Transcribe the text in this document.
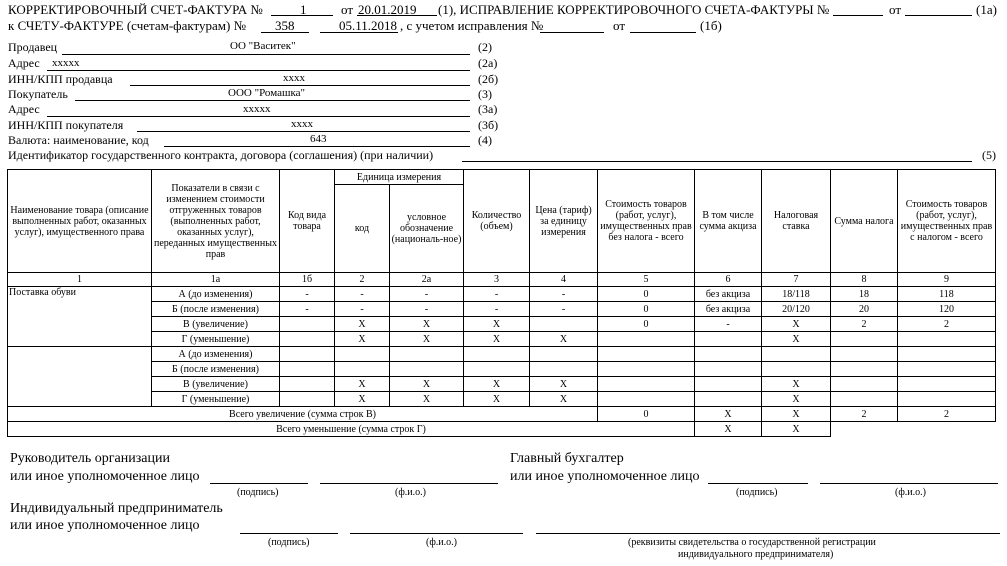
КОРРЕКТИРОВОЧНЫЙ СЧЕТ-ФАКТУРА №	1	от 20.01.2019 (1), ИСПРАВЛЕНИЕ КОРРЕКТИРОВОЧНОГО СЧЕТА-ФАКТУРЫ №	от	(1а)
к СЧЕТУ-ФАКТУРЕ (счетам-фактурам) № 358	05.11.2018 , с учетом исправления №	от	(1б)
Продавец	ОО "Васитек"	(2)
Адрес ххххх	(2а)
ИНН/КПП продавца	хххх	(2б)
Покупатель	ООО "Ромашка"	(3)
Адрес	ххххх	(3а)
ИНН/КПП покупателя	хххх	(3б)
Валюта: наименование, код	643	(4)
Идентификатор государственного контракта, договора (соглашения) (при наличии)	(5)
Наименование товара (описание выполненных работ, оказанных услуг), имущественного права	Показатели в связи с изменением стоимости отгруженных товаров (выполненных работ, оказанных услуг), переданных имущественных прав	Код вида товара	Единица измерения		Количество (объем)	Цена (тариф) за единицу измерения	Стоимость товаров (работ, услуг), имущественных прав без налога - всего	В том числе сумма акциза	Налоговая ставка	Сумма налога	Стоимость товаров (работ, услуг), имущественных прав с налогом - всего
			код	условное обозначение (националь-ное)							
1	1а	1б	2	2а	3	4	5	6	7	8	9
Поставка обуви	А (до изменения)	-	-	-	-	-	0	без акциза	18/118	18	118
	Б (после изменения)	-	-	-	-	-	0	без акциза	20/120	20	120
	В (увеличение)		X	X	X		0	-	X	2	2
	Г (уменьшение)		X	X	X	X			X		
	А (до изменения)										
	Б (после изменения)										
	В (увеличение)		X	X	X	X			X		
	Г (уменьшение)		X	X	X	X			X		
Всего увеличение (сумма строк В)							0	X	X	2	2
Всего уменьшение (сумма строк Г)								X	X		
Руководитель организации
или иное уполномоченное лицо
(подпись)	(ф.и.о.)
Главный бухгалтер
или иное уполномоченное лицо
(подпись)	(ф.и.о.)
Индивидуальный предприниматель
или иное уполномоченное лицо
(подпись)	(ф.и.о.)	(реквизиты свидетельства о государственной регистрации
индивидуального предпринимателя)
